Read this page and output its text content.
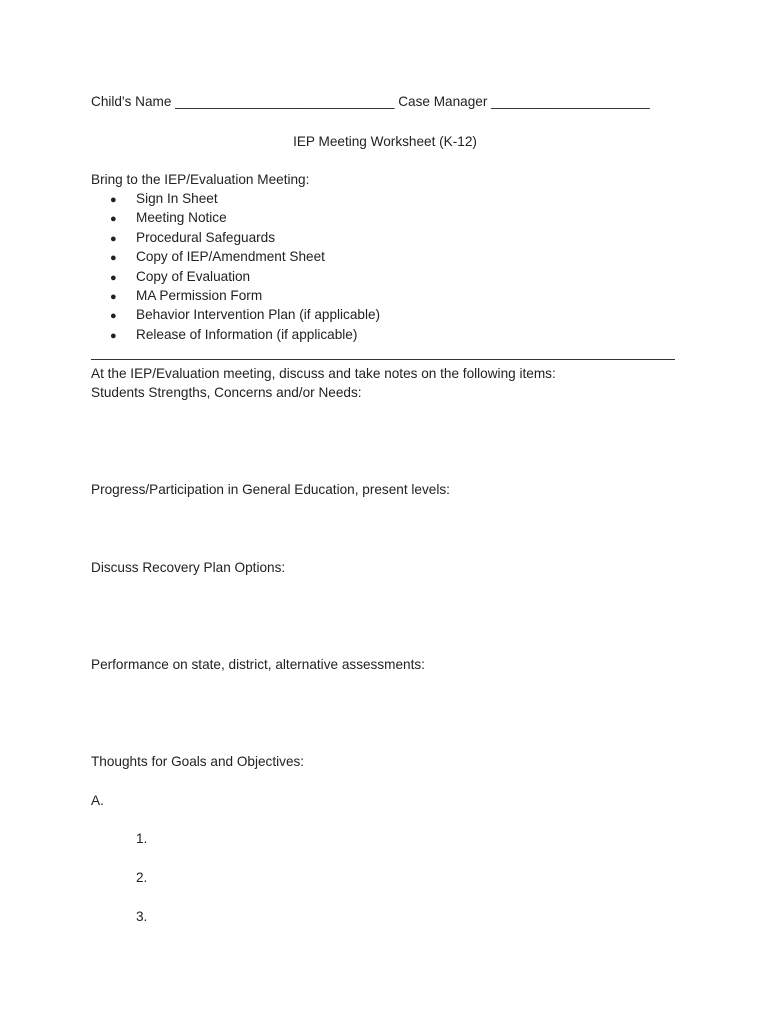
Child's Name _____________________________ Case Manager _____________________
IEP Meeting Worksheet (K-12)
Bring to the IEP/Evaluation Meeting:
● Sign In Sheet
● Meeting Notice
● Procedural Safeguards
● Copy of IEP/Amendment Sheet
● Copy of Evaluation
● MA Permission Form
● Behavior Intervention Plan (if applicable)
● Release of Information (if applicable)
At the IEP/Evaluation meeting, discuss and take notes on the following items:
Students Strengths, Concerns and/or Needs:
Progress/Participation in General Education, present levels:
Discuss Recovery Plan Options:
Performance on state, district, alternative assessments:
Thoughts for Goals and Objectives:
A.
1.
2.
3.
